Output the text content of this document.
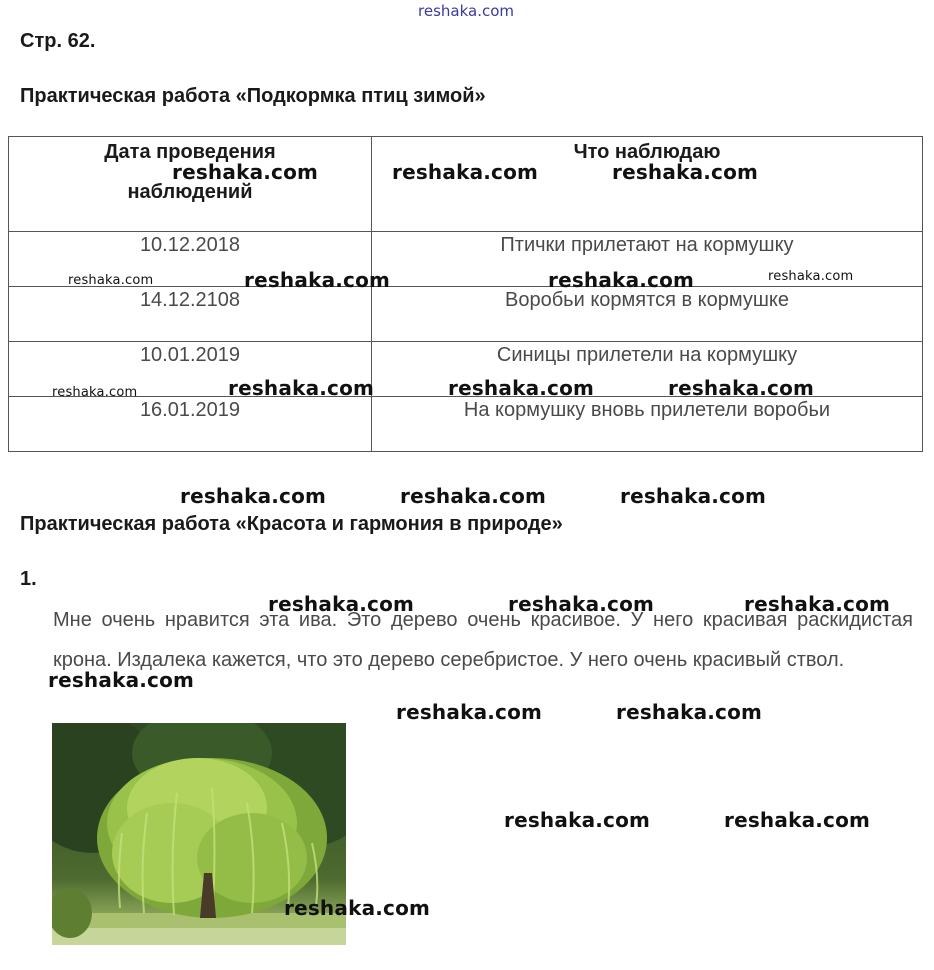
reshaka.com
Стр. 62.
Практическая работа «Подкормка птиц зимой»
Дата проведения
наблюдений	Что наблюдаю
10.12.2018	Птички прилетают на кормушку
14.12.2108	Воробьи кормятся в кормушке
10.01.2019	Синицы прилетели на кормушку
16.01.2019	На кормушку вновь прилетели воробьи
Практическая работа «Красота и гармония в природе»
1.
Мне очень нравится эта ива. Это дерево очень красивое. У него красивая раскидистая крона. Издалека кажется, что это дерево серебристое. У него очень красивый ствол.
reshaka.com	reshaka.com	reshaka.com
reshaka.com	reshaka.com	reshaka.com	reshaka.com
reshaka.com	reshaka.com	reshaka.com	reshaka.com
reshaka.com	reshaka.com	reshaka.com
reshaka.com	reshaka.com	reshaka.com
reshaka.com
reshaka.com	reshaka.com
reshaka.com	reshaka.com
reshaka.com
